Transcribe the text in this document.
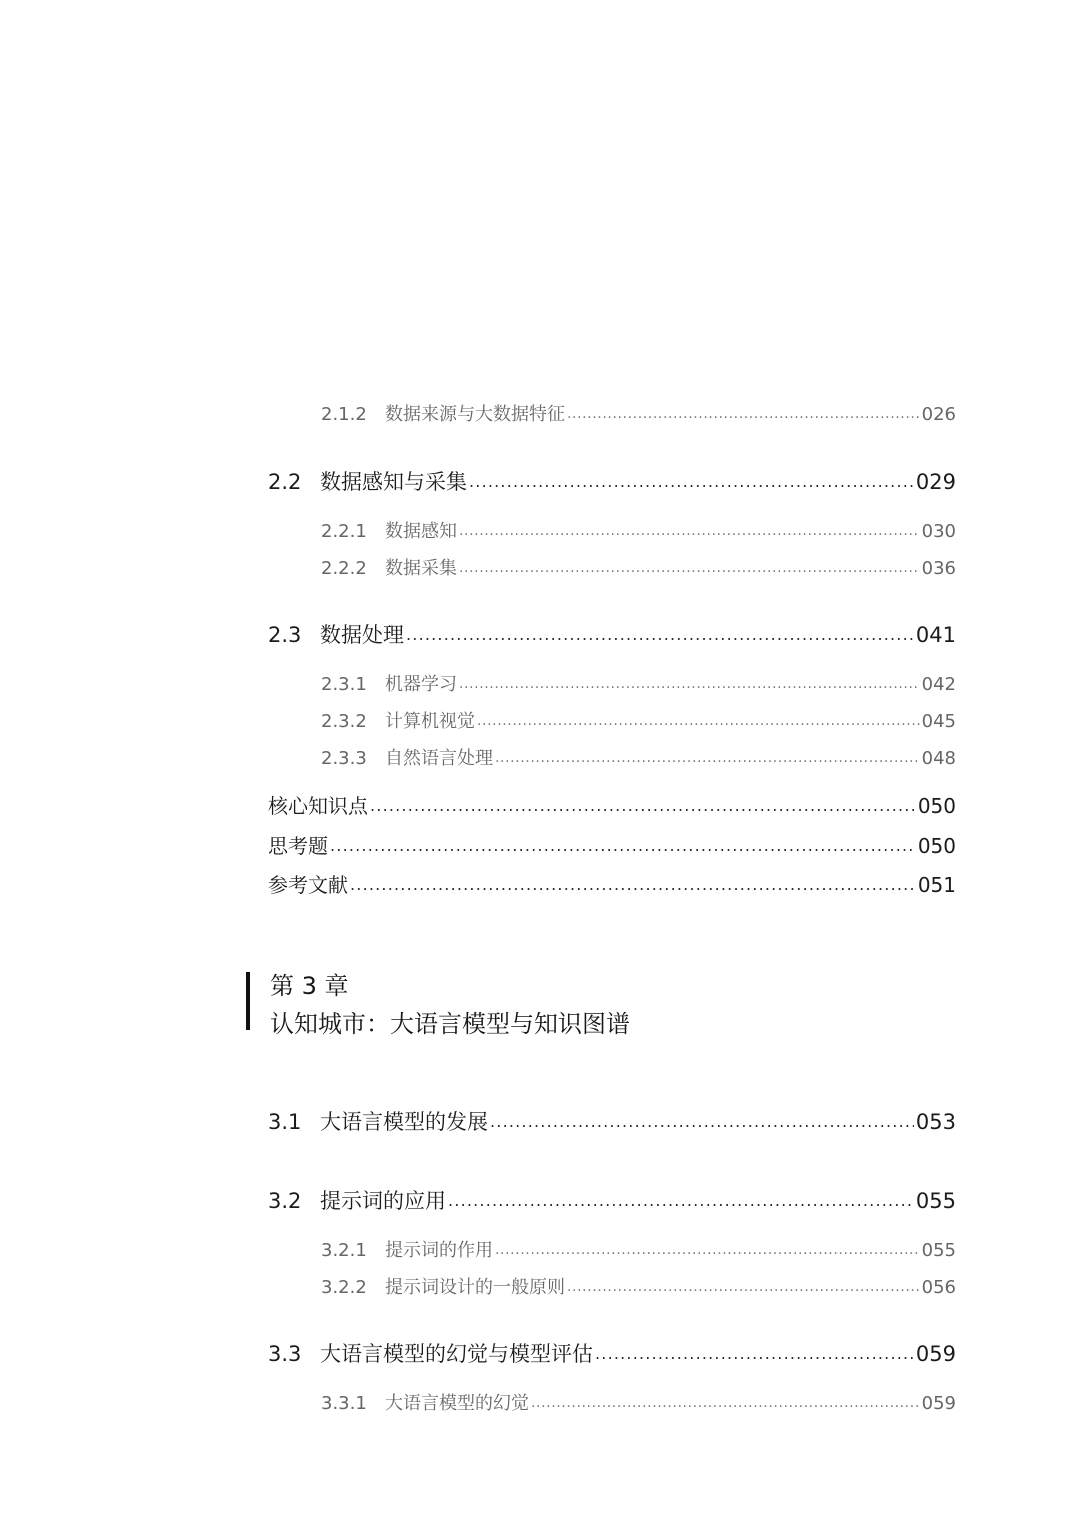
2.1.2	数据来源与大数据特征 .....	026
2.2 数据感知与采集 .....	029
2.2.1	数据感知 .....	030
2.2.2	数据采集 .....	036
2.3 数据处理 .....	041
2.3.1	机器学习 .....	042
2.3.2	计算机视觉 .....	045
2.3.3	自然语言处理 .....	048
核心知识点 .....	050
思考题 .....	050
参考文献 .....	051
第 3 章
认知城市：大语言模型与知识图谱
3.1 大语言模型的发展 .....	053
3.2 提示词的应用 .....	055
3.2.1	提示词的作用 .....	055
3.2.2	提示词设计的一般原则 .....	056
3.3 大语言模型的幻觉与模型评估 .....	059
3.3.1	大语言模型的幻觉 .....	059
